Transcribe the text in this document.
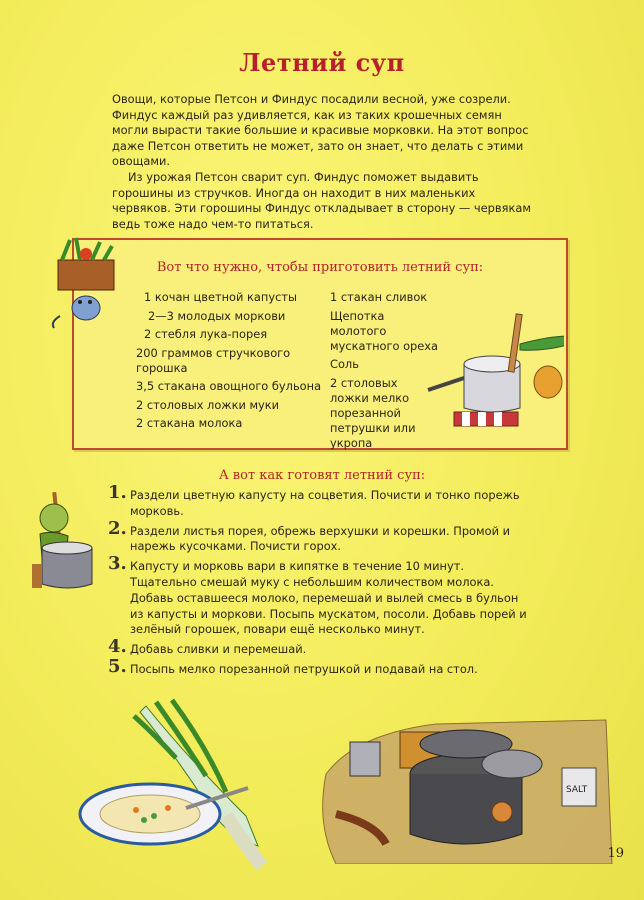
Летний суп

Овощи, которые Петсон и Финдус посадили весной, уже созрели. Финдус каждый раз удивляется, как из таких крошечных семян могли вырасти такие большие и красивые морковки. На этот вопрос даже Петсон ответить не может, зато он знает, что делать с этими овощами.

Из урожая Петсон сварит суп. Финдус поможет выдавить горошины из стручков. Иногда он находит в них маленьких червяков. Эти горошины Финдус откладывает в сторону — червякам ведь тоже надо чем-то питаться.

Вот что нужно, чтобы приготовить летний суп:
1 кочан цветной капусты
2—3 молодых моркови
2 стебля лука-порея
200 граммов стручкового горошка
3,5 стакана овощного бульона
2 столовых ложки муки
2 стакана молока
1 стакан сливок
Щепотка молотого мускатного ореха
Соль
2 столовых ложки мелко порезанной петрушки или укропа
А вот как готовят летний суп:
1. Раздели цветную капусту на соцветия. Почисти и тонко порежь морковь.
2. Раздели листья порея, обрежь верхушки и корешки. Промой и нарежь кусочками. Почисти горох.
3. Капусту и морковь вари в кипятке в течение 10 минут. Тщательно смешай муку с небольшим количеством молока. Добавь оставшееся молоко, перемешай и вылей смесь в бульон из капусты и моркови. Посыпь мускатом, посоли. Добавь порей и зелёный горошек, повари ещё несколько минут.
4. Добавь сливки и перемешай.
5. Посыпь мелко порезанной петрушкой и подавай на стол.
SALT
19
